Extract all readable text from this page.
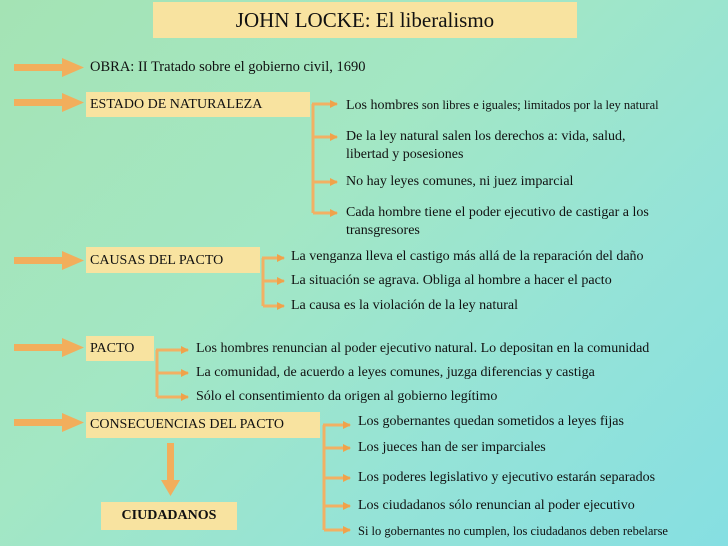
JOHN LOCKE: El liberalismo
OBRA: II Tratado sobre el gobierno civil, 1690
ESTADO DE NATURALEZA	Los hombres son libres e iguales; limitados por la ley natural
De la ley natural salen los derechos a: vida, salud,
libertad y posesiones
No hay leyes comunes, ni juez imparcial
Cada hombre tiene el poder ejecutivo de castigar a los
transgresores
CAUSAS DEL PACTO	La venganza lleva el castigo más allá de la reparación del daño
La situación se agrava. Obliga al hombre a hacer el pacto
La causa es la violación de la ley natural
PACTO	Los hombres renuncian al poder ejecutivo natural. Lo depositan en la comunidad
La comunidad, de acuerdo a leyes comunes, juzga diferencias y castiga
Sólo el consentimiento da origen al gobierno legítimo
CONSECUENCIAS DEL PACTO	Los gobernantes quedan sometidos a leyes fijas
Los jueces han de ser imparciales
Los poderes legislativo y ejecutivo estarán separados
Los ciudadanos sólo renuncian al poder ejecutivo
Si lo gobernantes no cumplen, los ciudadanos deben rebelarse
CIUDADANOS
